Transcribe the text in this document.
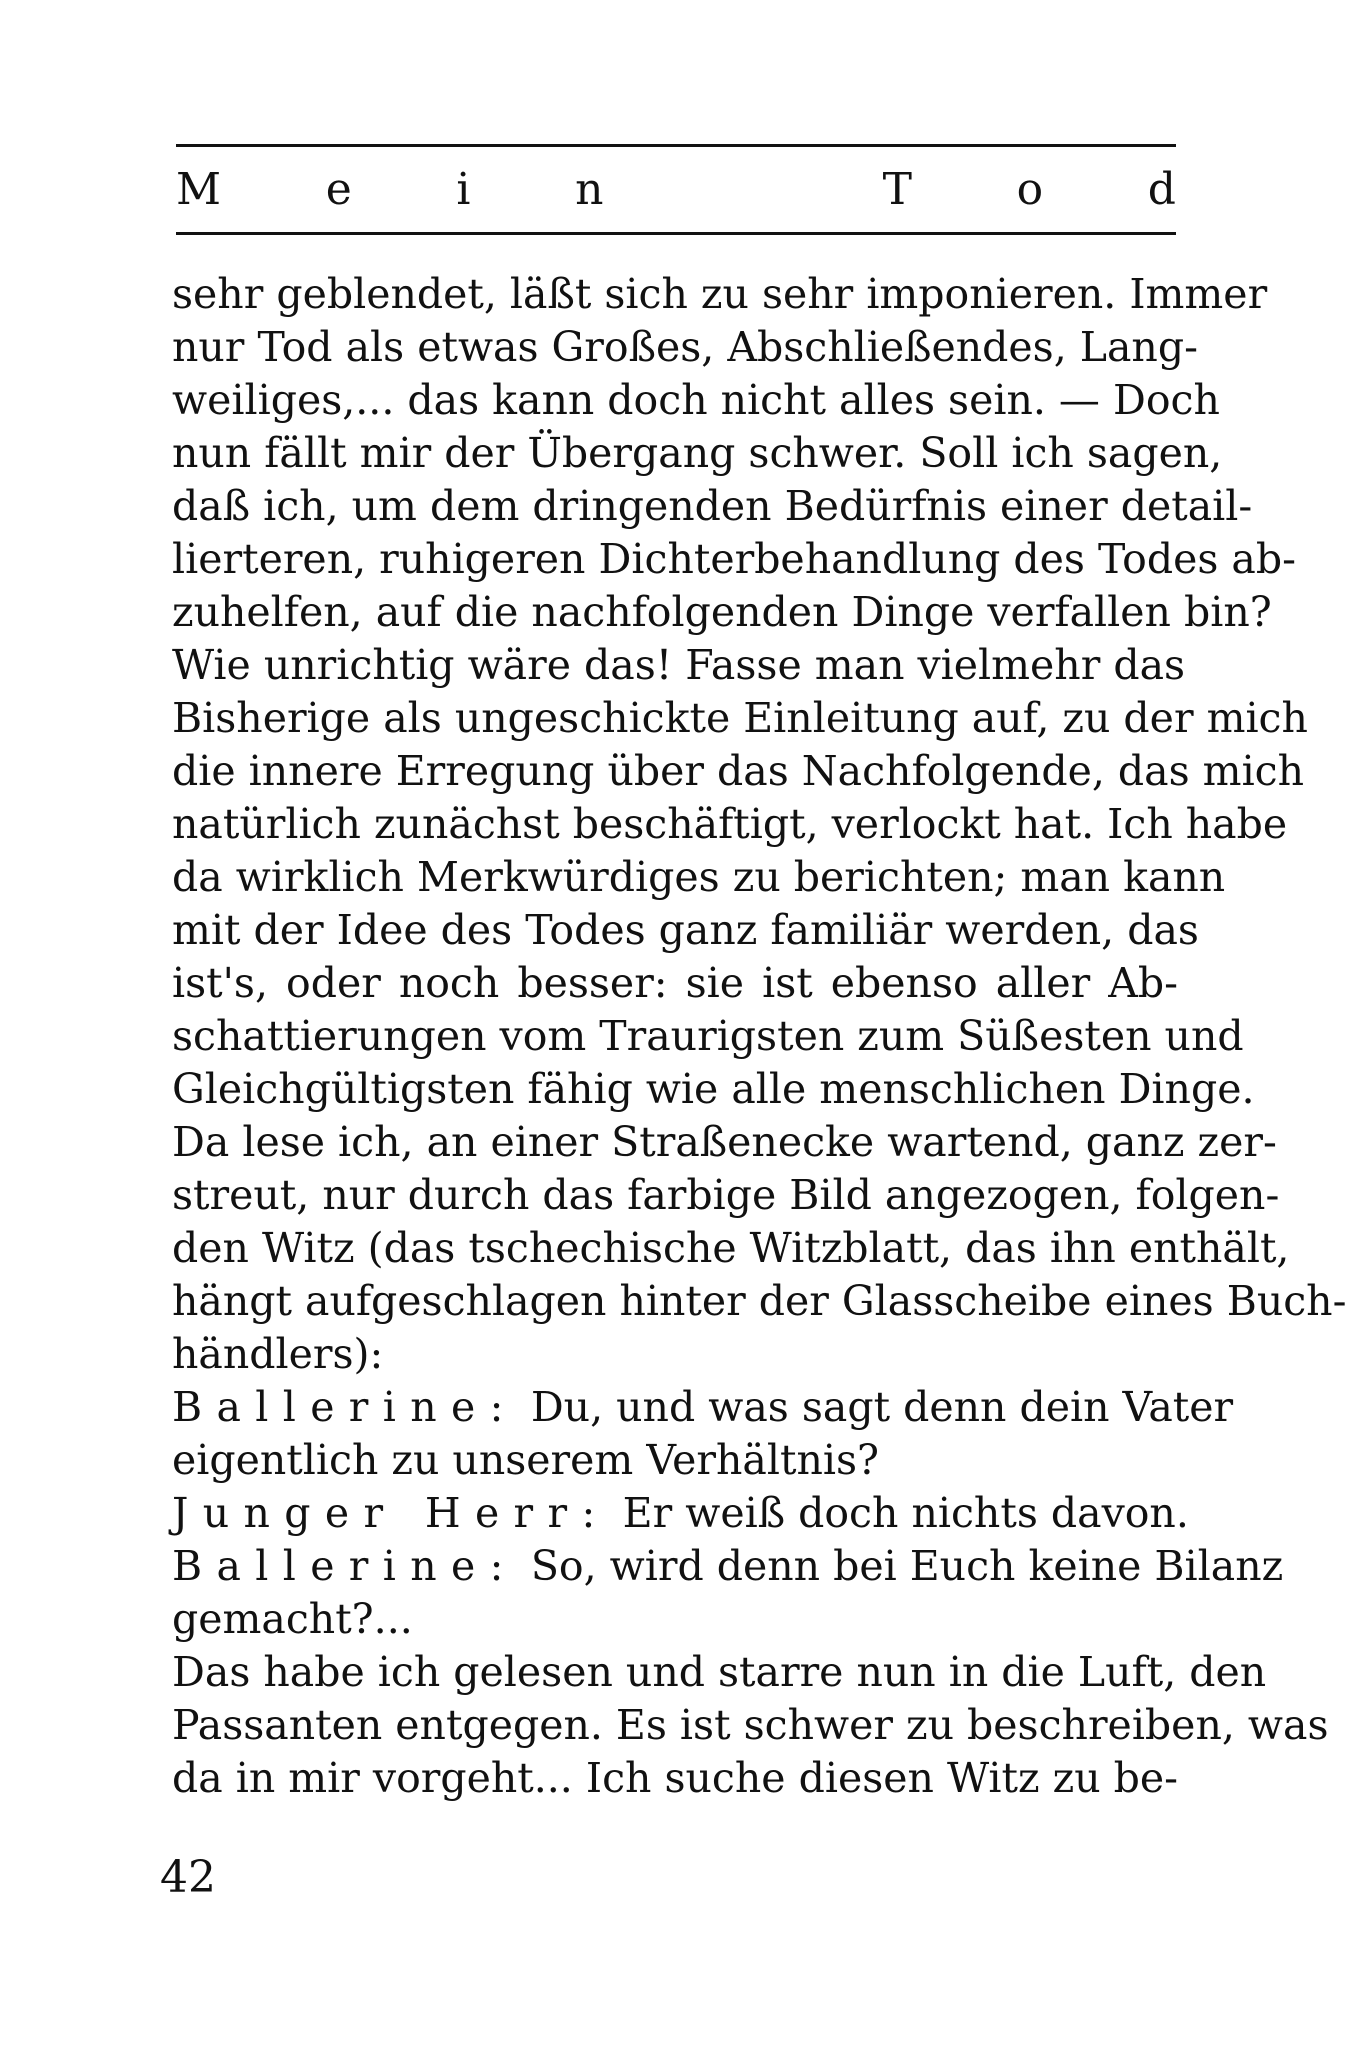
M e i n	T o d
sehr geblendet, läßt sich zu sehr imponieren. Immer
nur Tod als etwas Großes, Abschließendes, Lang-
weiliges,... das kann doch nicht alles sein. — Doch
nun fällt mir der Übergang schwer. Soll ich sagen,
daß ich, um dem dringenden Bedürfnis einer detail-
lierteren, ruhigeren Dichterbehandlung des Todes ab-
zuhelfen, auf die nachfolgenden Dinge verfallen bin?
Wie unrichtig wäre das! Fasse man vielmehr das
Bisherige als ungeschickte Einleitung auf, zu der mich
die innere Erregung über das Nachfolgende, das mich
natürlich zunächst beschäftigt, verlockt hat. Ich habe
da wirklich Merkwürdiges zu berichten; man kann
mit der Idee des Todes ganz familiär werden, das
ist's, oder noch besser: sie ist ebenso aller Ab-
schattierungen vom Traurigsten zum Süßesten und
Gleichgültigsten fähig wie alle menschlichen Dinge.
Da lese ich, an einer Straßenecke wartend, ganz zer-
streut, nur durch das farbige Bild angezogen, folgen-
den Witz (das tschechische Witzblatt, das ihn enthält,
hängt aufgeschlagen hinter der Glasscheibe eines Buch-
händlers):
Ballerine: Du, und was sagt denn dein Vater
eigentlich zu unserem Verhältnis?
Junger Herr: Er weiß doch nichts davon.
Ballerine: So, wird denn bei Euch keine Bilanz
gemacht?...
Das habe ich gelesen und starre nun in die Luft, den
Passanten entgegen. Es ist schwer zu beschreiben, was
da in mir vorgeht... Ich suche diesen Witz zu be-
42
